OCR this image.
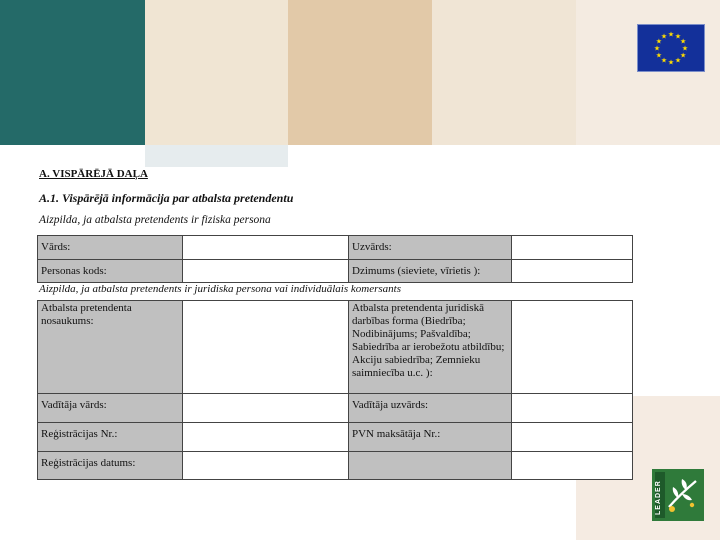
★
★
★
★
★
★
★
★
★ ★ ★
★
LEADER
A. VISPĀRĒJĀ DAĻA
A.1. Vispārējā informācija par atbalsta pretendentu
Aizpilda, ja atbalsta pretendents ir fiziska persona
Aizpilda, ja atbalsta pretendents ir juridiska persona vai individuālais komersants
Vārds:		Uzvārds:	
Personas kods:		Dzimums (sieviete, vīrietis ):	
Atbalsta pretendenta nosaukums:		Atbalsta pretendenta juridiskā darbības forma (Biedrība; Nodibinājums; Pašvaldība; Sabiedrība ar ierobežotu atbildību; Akciju sabiedrība; Zemnieku saimniecība u.c. ):	
Vadītāja vārds:		Vadītāja uzvārds:	
Reģistrācijas Nr.:		PVN maksātāja Nr.:	
Reģistrācijas datums:			
